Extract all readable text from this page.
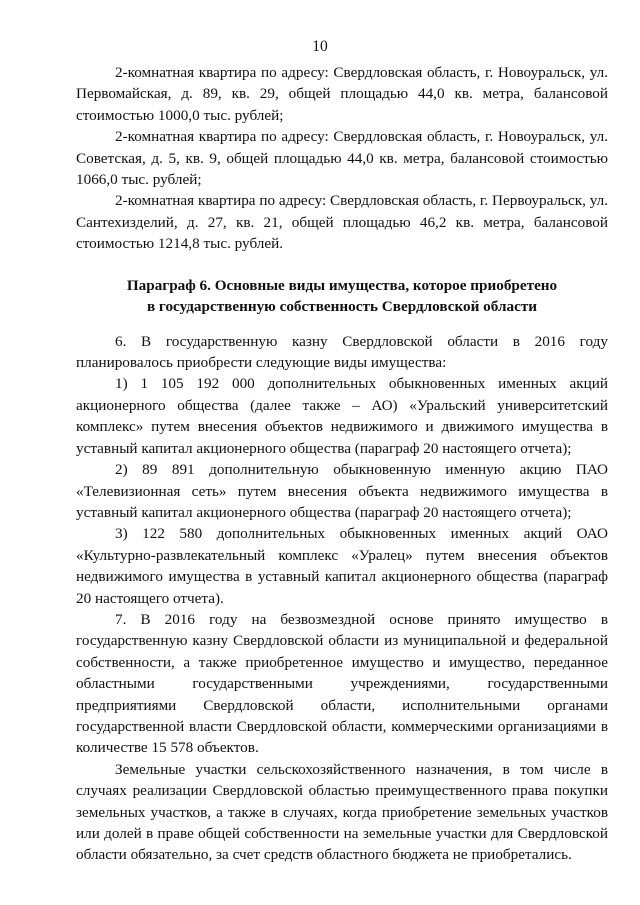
10

2-комнатная квартира по адресу: Свердловская область, г. Новоуральск, ул. Первомайская, д. 89, кв. 29, общей площадью 44,0 кв. метра, балансовой стоимостью 1000,0 тыс. рублей;

2-комнатная квартира по адресу: Свердловская область, г. Новоуральск, ул. Советская, д. 5, кв. 9, общей площадью 44,0 кв. метра, балансовой стоимостью 1066,0 тыс. рублей;

2-комнатная квартира по адресу: Свердловская область, г. Первоуральск, ул. Сантехизделий, д. 27, кв. 21, общей площадью 46,2 кв. метра, балансовой стоимостью 1214,8 тыс. рублей.

Параграф 6. Основные виды имущества, которое приобретено
в государственную собственность Свердловской области

6. В государственную казну Свердловской области в 2016 году планировалось приобрести следующие виды имущества:

1) 1 105 192 000 дополнительных обыкновенных именных акций акционерного общества (далее также – АО) «Уральский университетский комплекс» путем внесения объектов недвижимого и движимого имущества в уставный капитал акционерного общества (параграф 20 настоящего отчета);

2) 89 891 дополнительную обыкновенную именную акцию ПАО «Телевизионная сеть» путем внесения объекта недвижимого имущества в уставный капитал акционерного общества (параграф 20 настоящего отчета);

3) 122 580 дополнительных обыкновенных именных акций ОАО «Культурно-развлекательный комплекс «Уралец» путем внесения объектов недвижимого имущества в уставный капитал акционерного общества (параграф 20 настоящего отчета).

7. В 2016 году на безвозмездной основе принято имущество в государственную казну Свердловской области из муниципальной и федеральной собственности, а также приобретенное имущество и имущество, переданное областными государственными учреждениями, государственными предприятиями Свердловской области, исполнительными органами государственной власти Свердловской области, коммерческими организациями в количестве 15 578 объектов.

Земельные участки сельскохозяйственного назначения, в том числе в случаях реализации Свердловской областью преимущественного права покупки земельных участков, а также в случаях, когда приобретение земельных участков или долей в праве общей собственности на земельные участки для Свердловской области обязательно, за счет средств областного бюджета не приобретались.
